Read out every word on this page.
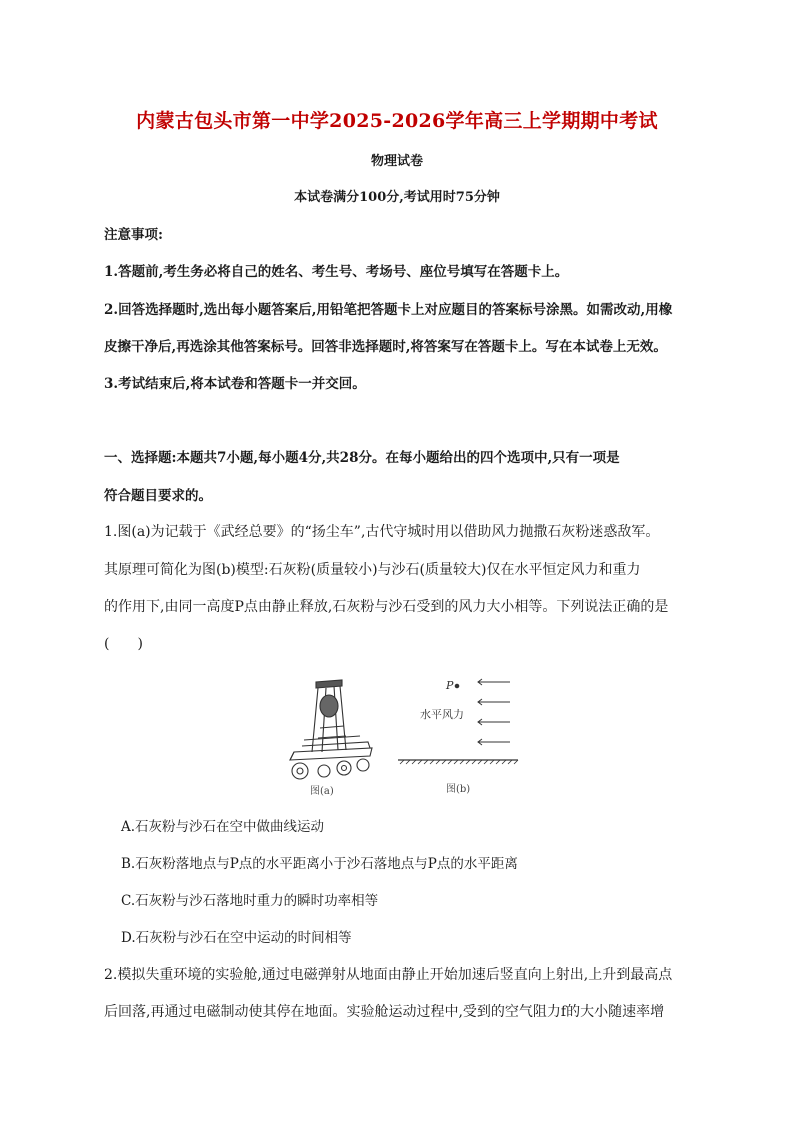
内蒙古包头市第一中学2025-2026学年高三上学期期中考试
物理试卷
本试卷满分100分,考试用时75分钟
注意事项:
1.答题前,考生务必将自己的姓名、考生号、考场号、座位号填写在答题卡上。
2.回答选择题时,选出每小题答案后,用铅笔把答题卡上对应题目的答案标号涂黑。如需改动,用橡
皮擦干净后,再选涂其他答案标号。回答非选择题时,将答案写在答题卡上。写在本试卷上无效。
3.考试结束后,将本试卷和答题卡一并交回。
一、选择题:本题共7小题,每小题4分,共28分。在每小题给出的四个选项中,只有一项是
符合题目要求的。
1.图(a)为记载于《武经总要》的“扬尘车”,古代守城时用以借助风力抛撒石灰粉迷惑敌军。
其原理可简化为图(b)模型:石灰粉(质量较小)与沙石(质量较大)仅在水平恒定风力和重力
的作用下,由同一高度P点由静止释放,石灰粉与沙石受到的风力大小相等。下列说法正确的是
(　　)
P
水平风力
图(a)	图(b)
A.石灰粉与沙石在空中做曲线运动
B.石灰粉落地点与P点的水平距离小于沙石落地点与P点的水平距离
C.石灰粉与沙石落地时重力的瞬时功率相等
D.石灰粉与沙石在空中运动的时间相等
2.模拟失重环境的实验舱,通过电磁弹射从地面由静止开始加速后竖直向上射出,上升到最高点
后回落,再通过电磁制动使其停在地面。实验舱运动过程中,受到的空气阻力f的大小随速率增
